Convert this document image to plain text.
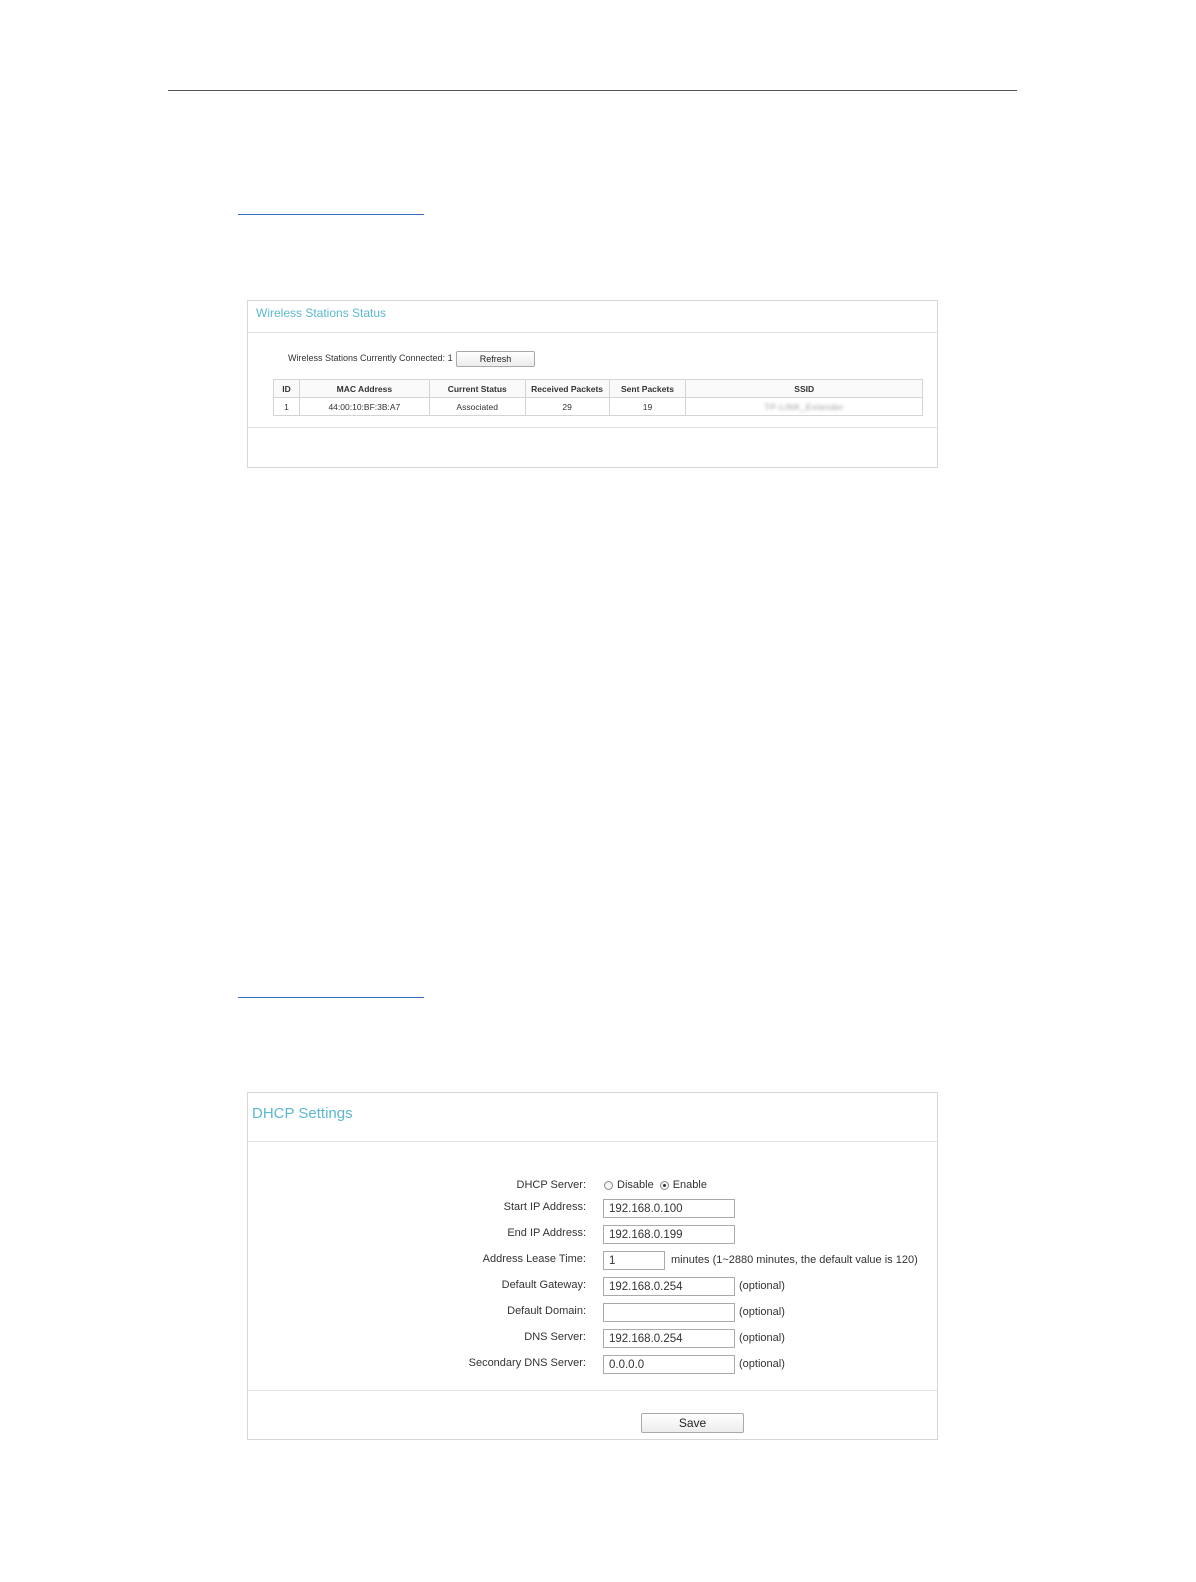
Wireless Stations Status
Wireless Stations Currently Connected: 1	Refresh
ID	MAC Address	Current Status	Received Packets	Sent Packets	SSID
1	44:00:10:BF:3B:A7	Associated	29	19	TP-LINK_Extender
DHCP Settings
DHCP Server:	Disable Enable
Start IP Address:
192.168.0.100
End IP Address:
192.168.0.199
Address Lease Time:
1	minutes (1~2880 minutes, the default value is 120)
Default Gateway:
192.168.0.254	(optional)
Default Domain:	(optional)
DNS Server:
192.168.0.254	(optional)
Secondary DNS Server:
0.0.0.0	(optional)
Save
